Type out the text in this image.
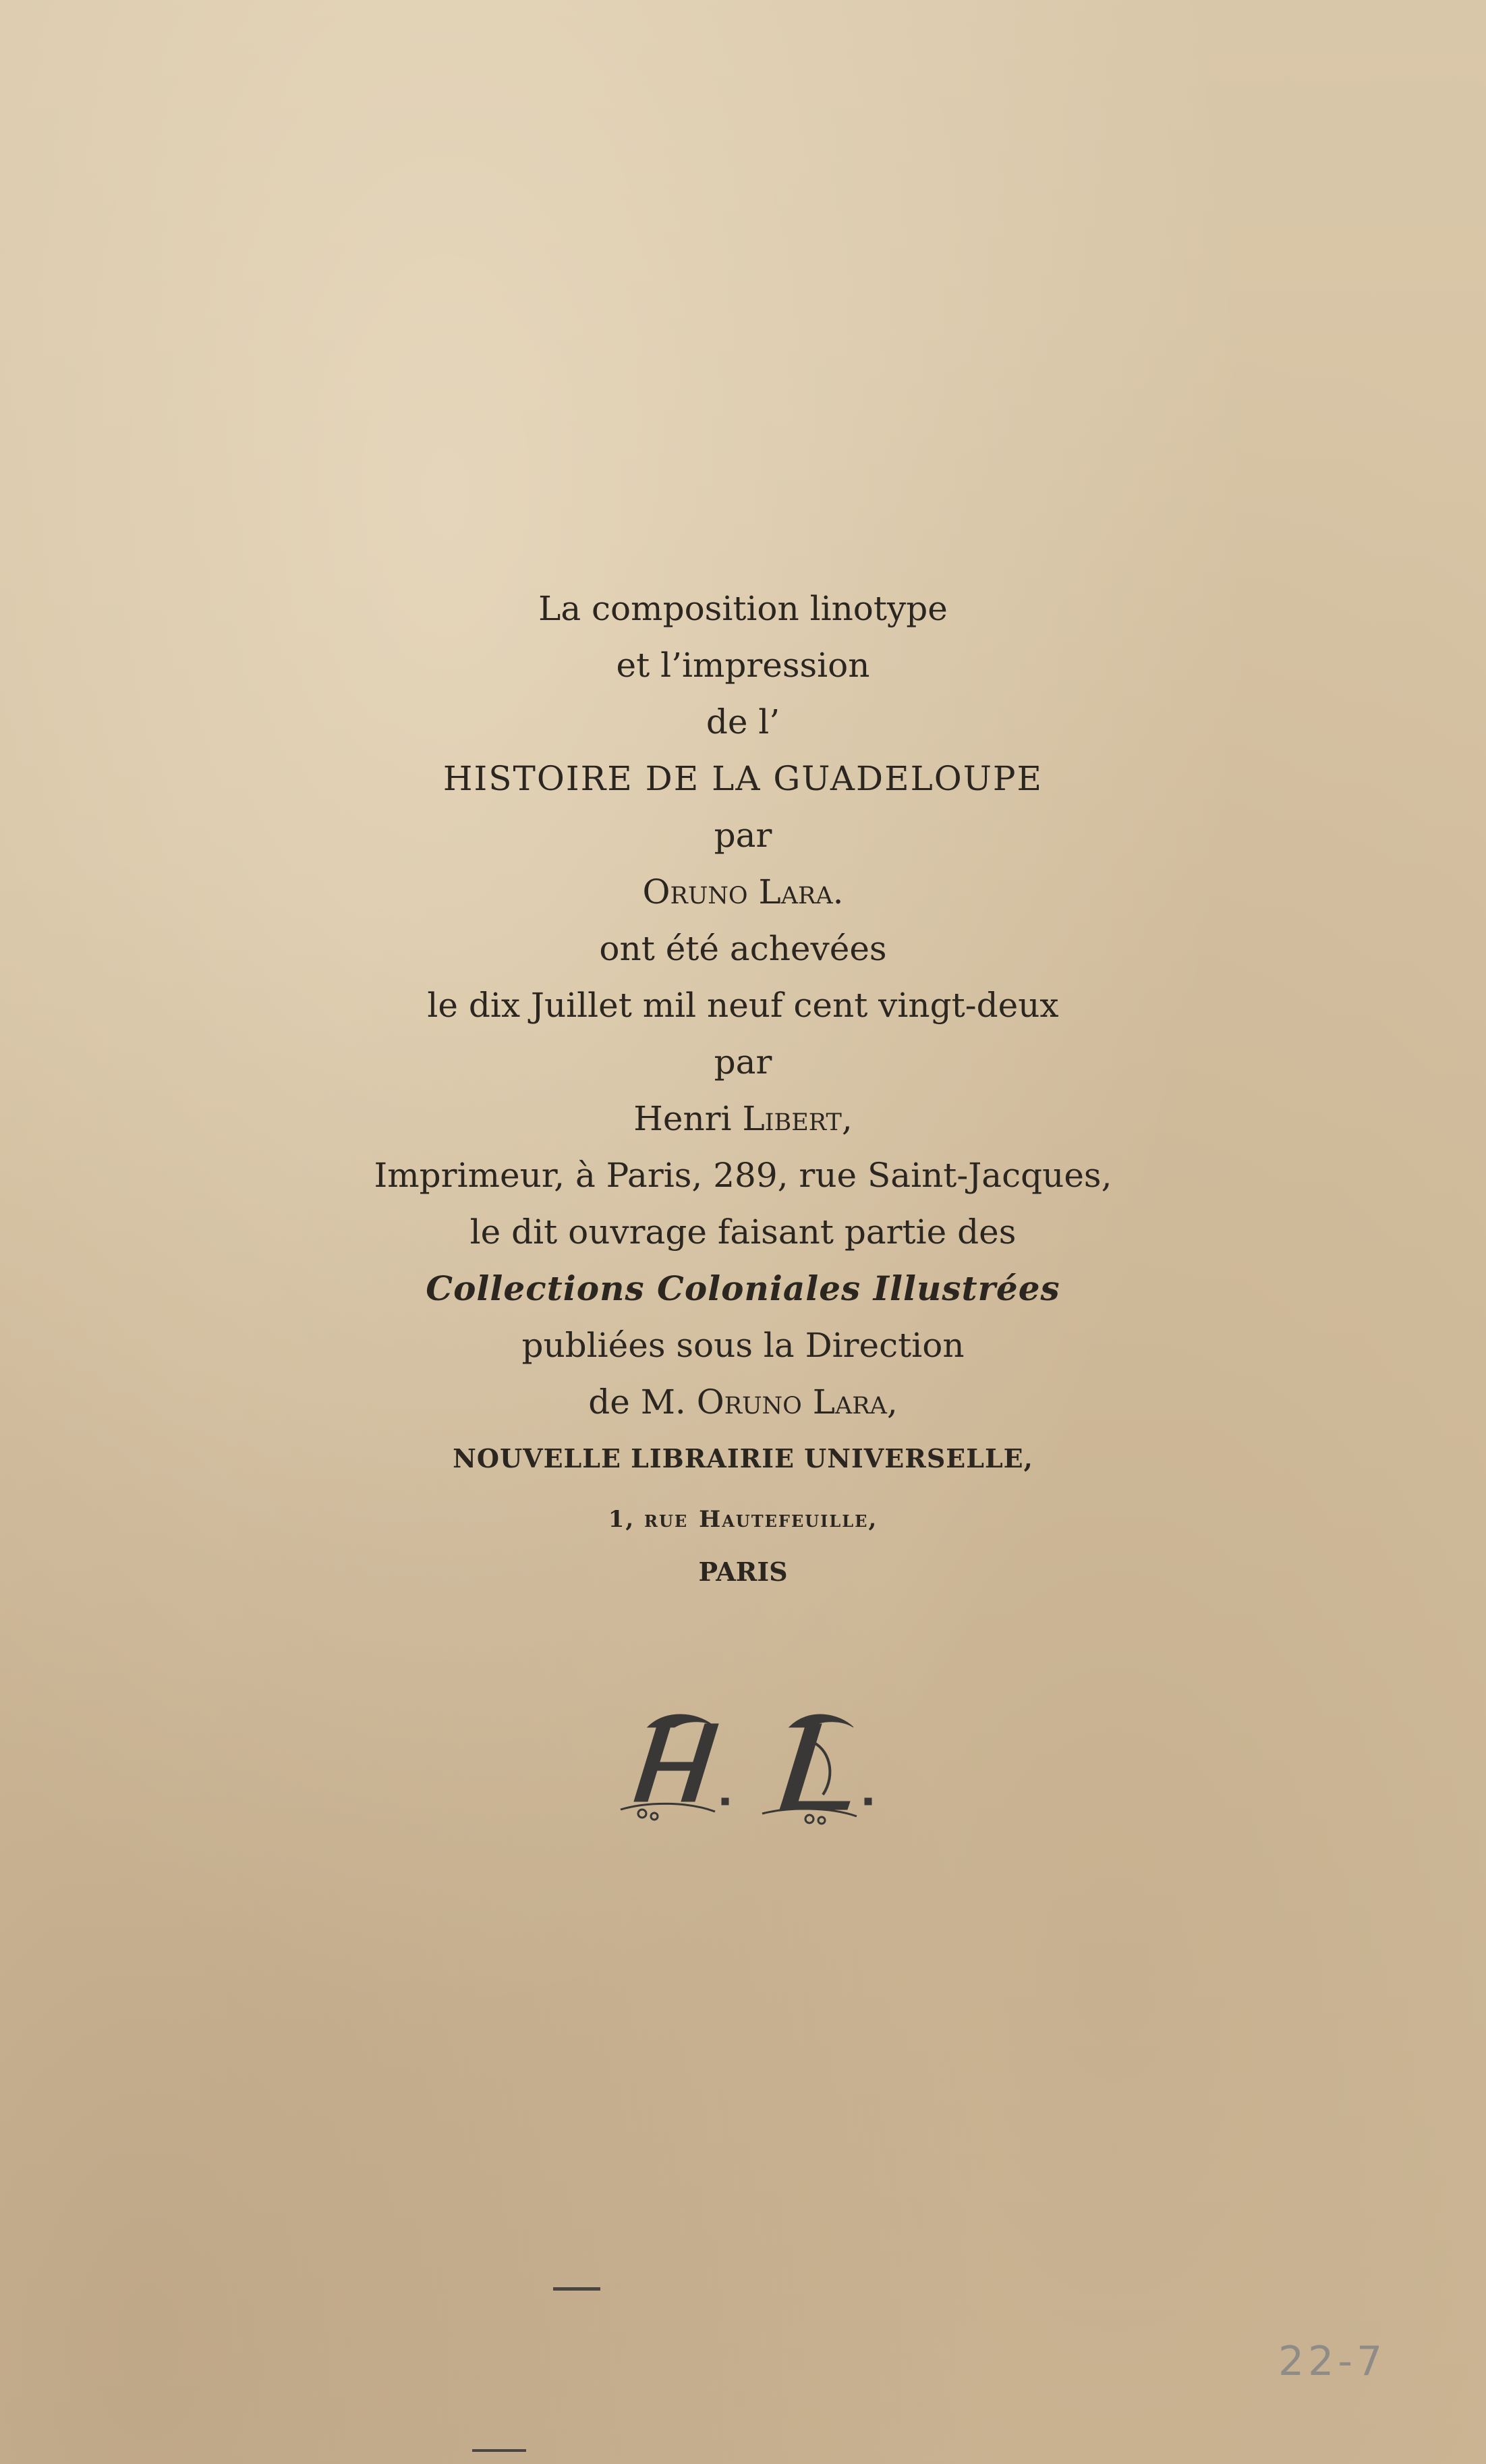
La composition linotype
et l’impression
de l’
HISTOIRE DE LA GUADELOUPE
par
Oruno Lara.
ont été achevées
le dix Juillet mil neuf cent vingt-deux
par
Henri Libert,
Imprimeur, à Paris, 289, rue Saint-Jacques,
le dit ouvrage faisant partie des
Collections Coloniales Illustrées
publiées sous la Direction
de M. Oruno Lara,
NOUVELLE LIBRAIRIE UNIVERSELLE,
1, rue Hautefeuille,
PARIS
22-7
